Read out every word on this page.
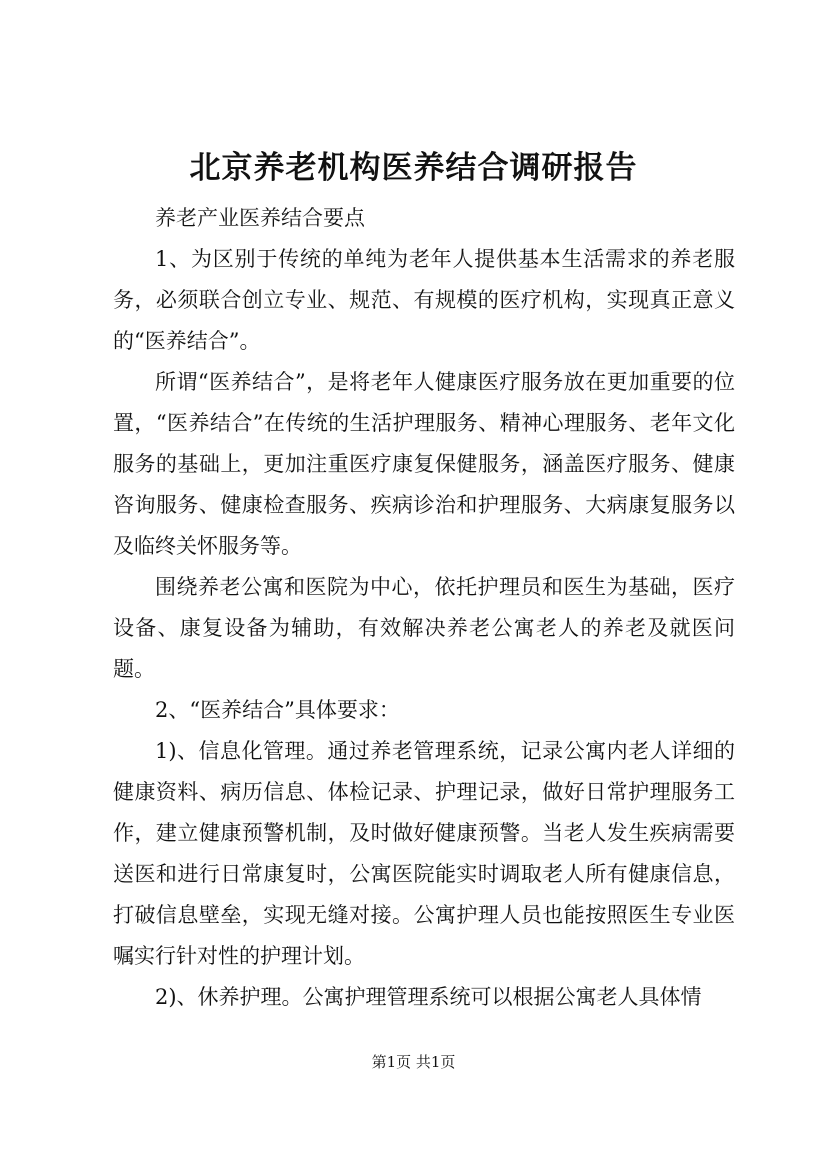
北京养老机构医养结合调研报告

养老产业医养结合要点

1、为区别于传统的单纯为老年人提供基本生活需求的养老服务，必须联合创立专业、规范、有规模的医疗机构，实现真正意义的“医养结合”。

所谓“医养结合”，是将老年人健康医疗服务放在更加重要的位置，“医养结合”在传统的生活护理服务、精神心理服务、老年文化服务的基础上，更加注重医疗康复保健服务，涵盖医疗服务、健康咨询服务、健康检查服务、疾病诊治和护理服务、大病康复服务以及临终关怀服务等。

围绕养老公寓和医院为中心，依托护理员和医生为基础，医疗设备、康复设备为辅助，有效解决养老公寓老人的养老及就医问题。

2、“医养结合”具体要求：

1)、信息化管理。通过养老管理系统，记录公寓内老人详细的健康资料、病历信息、体检记录、护理记录，做好日常护理服务工作，建立健康预警机制，及时做好健康预警。当老人发生疾病需要送医和进行日常康复时，公寓医院能实时调取老人所有健康信息，打破信息壁垒，实现无缝对接。公寓护理人员也能按照医生专业医嘱实行针对性的护理计划。

2)、休养护理。公寓护理管理系统可以根据公寓老人具体情

第1页 共1页
